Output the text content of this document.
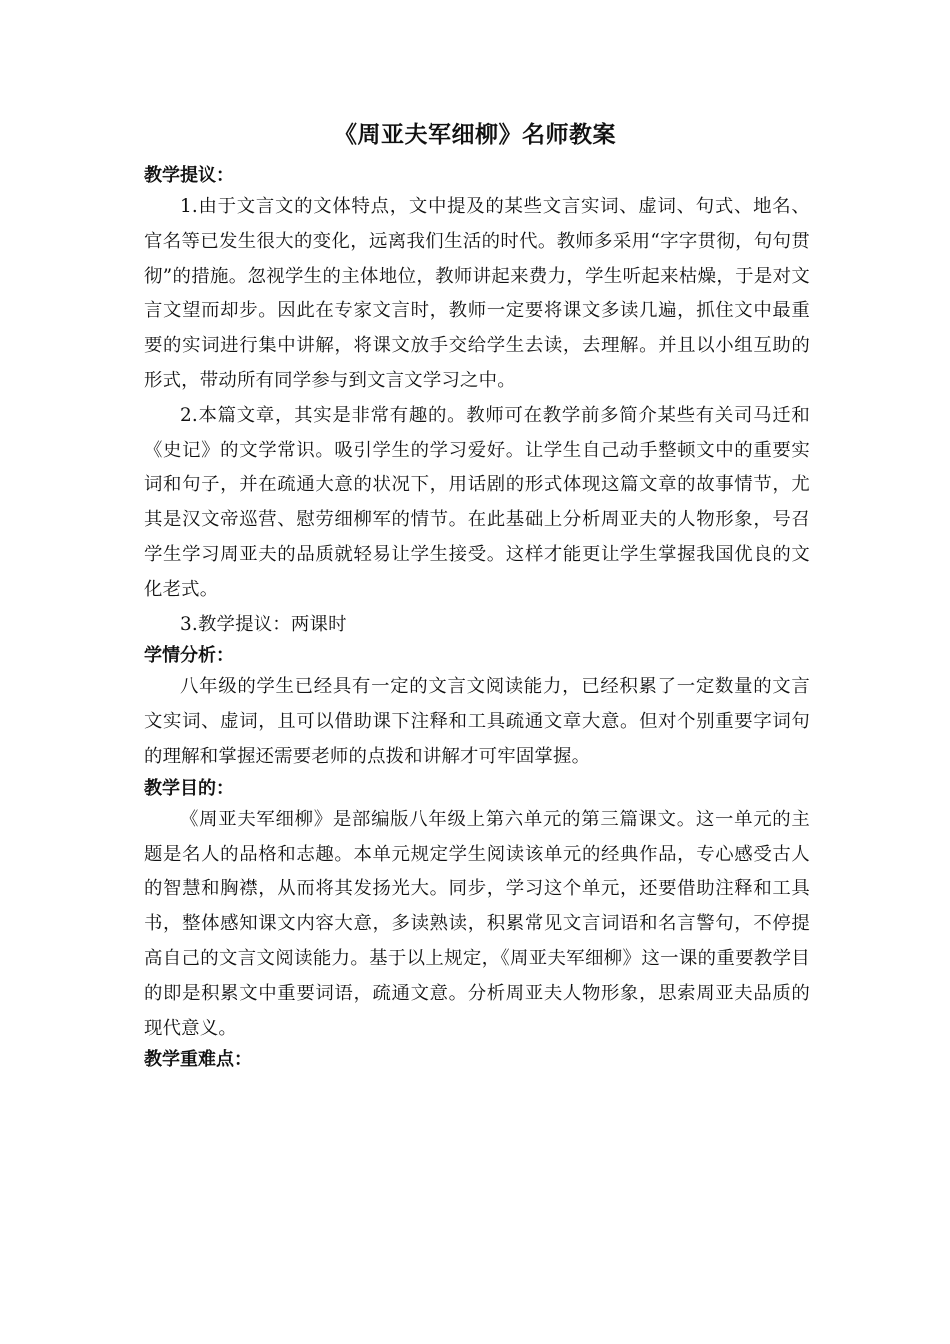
《周亚夫军细柳》名师教案

教学提议：

1.由于文言文的文体特点，文中提及的某些文言实词、虚词、句式、地名、官名等已发生很大的变化，远离我们生活的时代。教师多采用“字字贯彻，句句贯彻”的措施。忽视学生的主体地位，教师讲起来费力，学生听起来枯燥，于是对文言文望而却步。因此在专家文言时，教师一定要将课文多读几遍，抓住文中最重要的实词进行集中讲解，将课文放手交给学生去读，去理解。并且以小组互助的形式，带动所有同学参与到文言文学习之中。

2.本篇文章，其实是非常有趣的。教师可在教学前多简介某些有关司马迁和《史记》的文学常识。吸引学生的学习爱好。让学生自己动手整顿文中的重要实词和句子，并在疏通大意的状况下，用话剧的形式体现这篇文章的故事情节，尤其是汉文帝巡营、慰劳细柳军的情节。在此基础上分析周亚夫的人物形象，号召学生学习周亚夫的品质就轻易让学生接受。这样才能更让学生掌握我国优良的文化老式。

3.教学提议：两课时

学情分析：

八年级的学生已经具有一定的文言文阅读能力，已经积累了一定数量的文言文实词、虚词，且可以借助课下注释和工具疏通文章大意。但对个别重要字词句的理解和掌握还需要老师的点拨和讲解才可牢固掌握。

教学目的：

《周亚夫军细柳》是部编版八年级上第六单元的第三篇课文。这一单元的主题是名人的品格和志趣。本单元规定学生阅读该单元的经典作品，专心感受古人的智慧和胸襟，从而将其发扬光大。同步，学习这个单元，还要借助注释和工具书，整体感知课文内容大意，多读熟读，积累常见文言词语和名言警句，不停提高自己的文言文阅读能力。基于以上规定，《周亚夫军细柳》这一课的重要教学目的即是积累文中重要词语，疏通文意。分析周亚夫人物形象，思索周亚夫品质的现代意义。

教学重难点：
